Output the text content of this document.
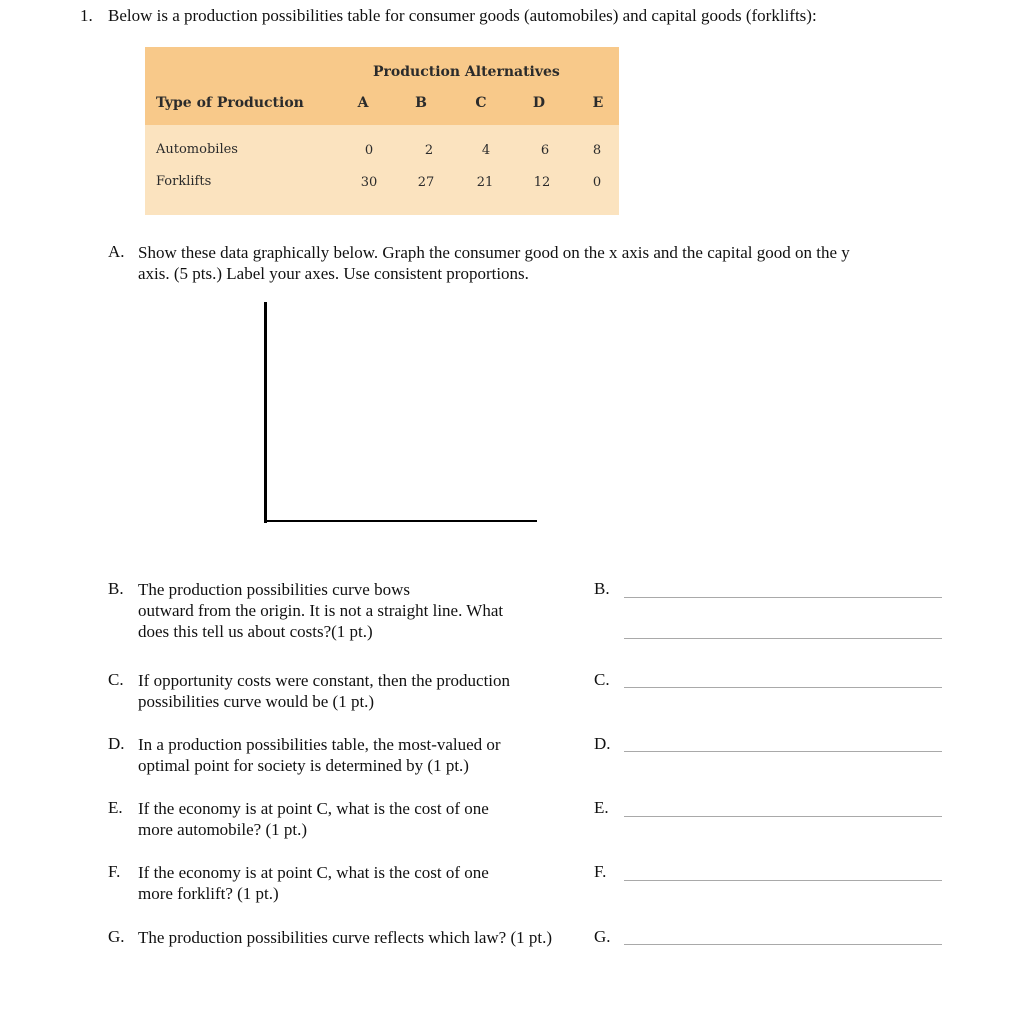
1. Below is a production possibilities table for consumer goods (automobiles) and capital goods (forklifts):
Production Alternatives
Type of Production	A	B	C	D	E
Automobiles	0	2	4	6	8
Forklifts	30	27	21	12	0
A. Show these data graphically below. Graph the consumer good on the x axis and the capital good on the y
axis. (5 pts.) Label your axes. Use consistent proportions.
B. The production possibilities curve bows
outward from the origin. It is not a straight line. What
does this tell us about costs?(1 pt.)
B.
C. If opportunity costs were constant, then the production
possibilities curve would be (1 pt.)
C.
D. In a production possibilities table, the most-valued or
optimal point for society is determined by (1 pt.)
D.
E. If the economy is at point C, what is the cost of one
more automobile? (1 pt.)
E.
F. If the economy is at point C, what is the cost of one
more forklift? (1 pt.)
F.
G. The production possibilities curve reflects which law? (1 pt.) G.
